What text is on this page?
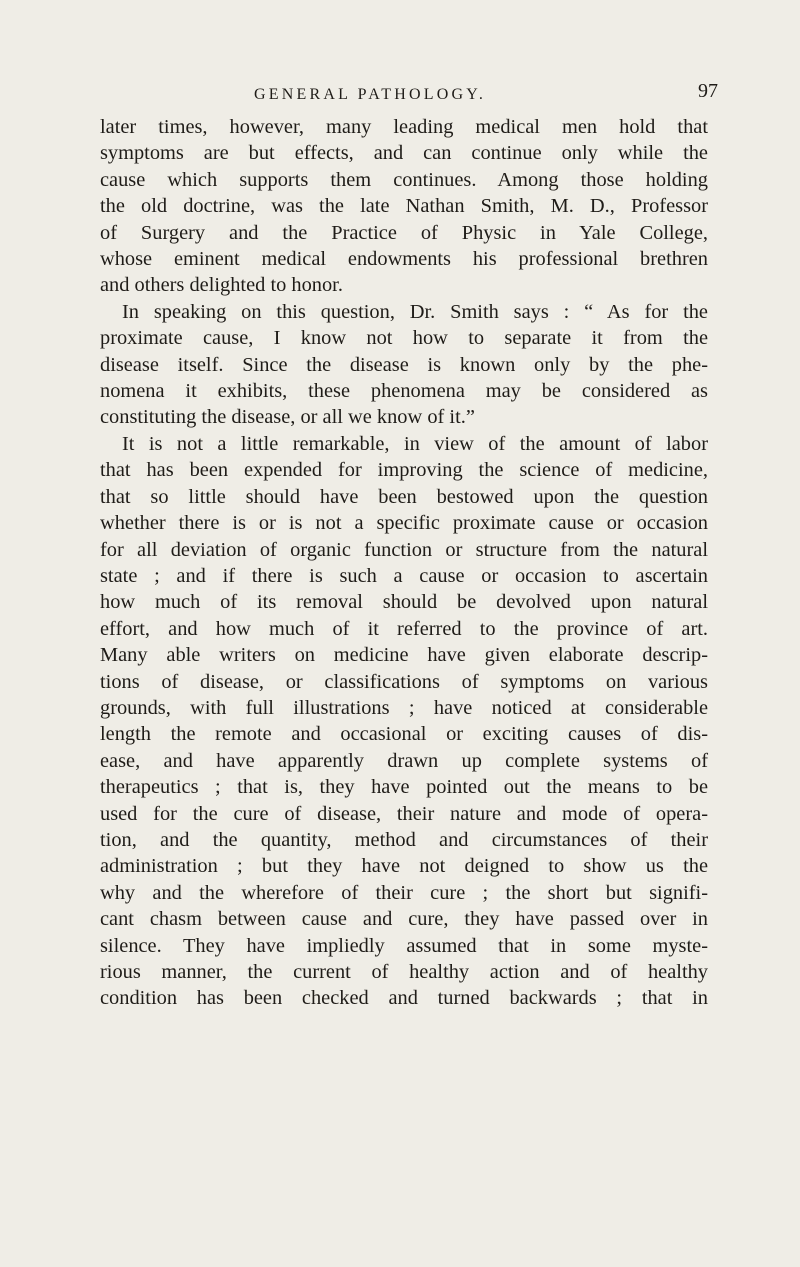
GENERAL PATHOLOGY.	97
later times, however, many leading medical men hold that
symptoms are but effects, and can continue only while the
cause which supports them continues. Among those holding
the old doctrine, was the late Nathan Smith, M. D., Professor
of Surgery and the Practice of Physic in Yale College,
whose eminent medical endowments his professional brethren
and others delighted to honor.
In speaking on this question, Dr. Smith says : “ As for the
proximate cause, I know not how to separate it from the
disease itself. Since the disease is known only by the phe-
nomena it exhibits, these phenomena may be considered as
constituting the disease, or all we know of it.”
It is not a little remarkable, in view of the amount of labor
that has been expended for improving the science of medicine,
that so little should have been bestowed upon the question
whether there is or is not a specific proximate cause or occasion
for all deviation of organic function or structure from the natural
state ; and if there is such a cause or occasion to ascertain
how much of its removal should be devolved upon natural
effort, and how much of it referred to the province of art.
Many able writers on medicine have given elaborate descrip-
tions of disease, or classifications of symptoms on various
grounds, with full illustrations ; have noticed at considerable
length the remote and occasional or exciting causes of dis-
ease, and have apparently drawn up complete systems of
therapeutics ; that is, they have pointed out the means to be
used for the cure of disease, their nature and mode of opera-
tion, and the quantity, method and circumstances of their
administration ; but they have not deigned to show us the
why and the wherefore of their cure ; the short but signifi-
cant chasm between cause and cure, they have passed over in
silence. They have impliedly assumed that in some myste-
rious manner, the current of healthy action and of healthy
condition has been checked and turned backwards ; that in
